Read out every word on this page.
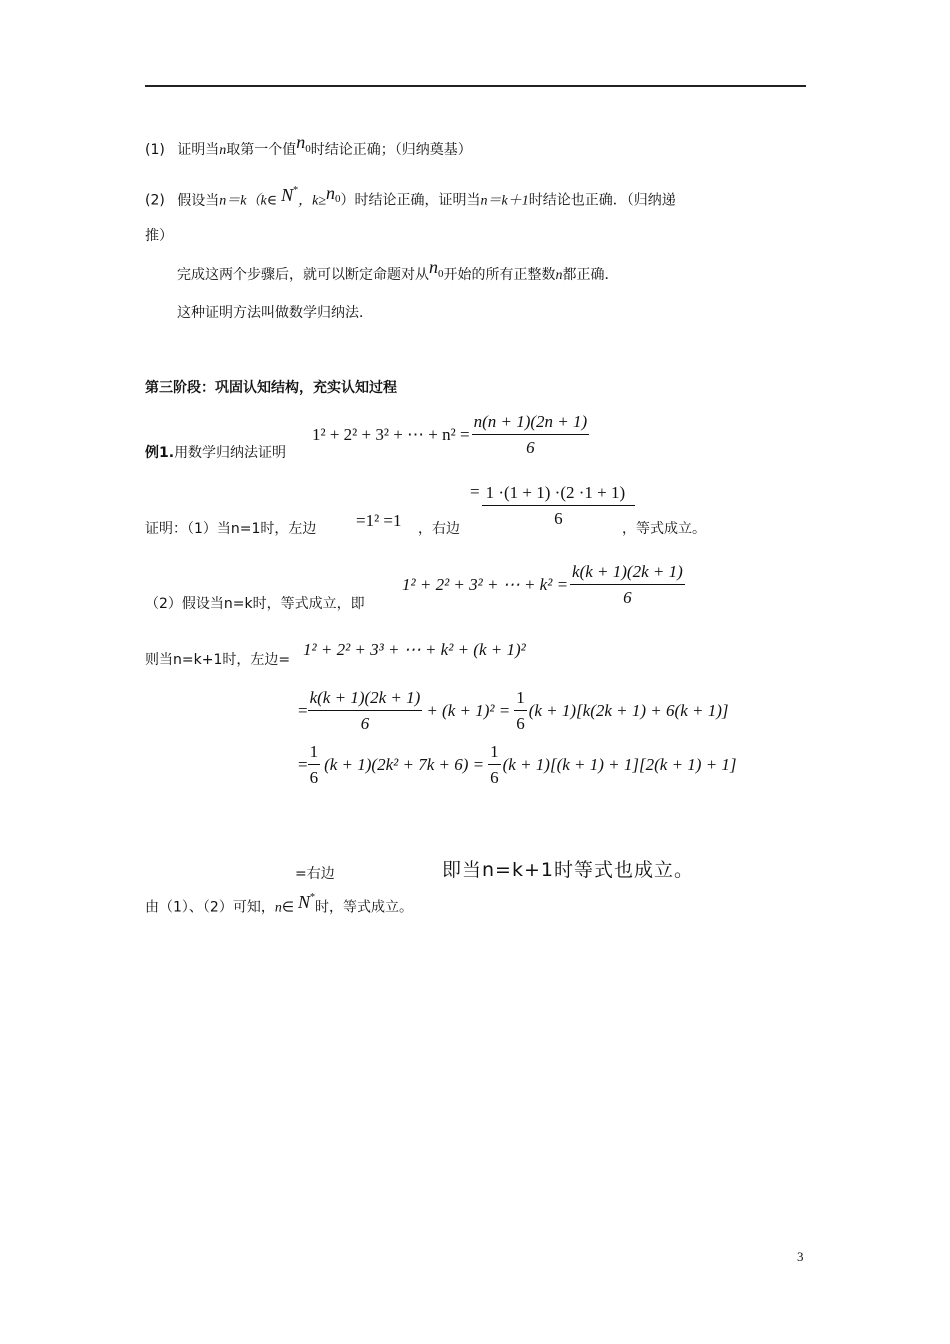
(1) 证明当n取第一个值$n_0$时结论正确；（归纳奠基）
(2) 假设当n＝k（k∈ N*，$k\ge n_0$）时结论正确，证明当n＝k＋1时结论也正确．（归纳递
推）
完成这两个步骤后，就可以断定命题对从$n_0$开始的所有正整数n都正确．
这种证明方法叫做数学归纳法．
第三阶段：巩固认知结构，充实认知过程
例1.用数学归纳法证明
1² + 2² + 3² + ⋯ + $n^2 = \frac{n(n + 1)(2n + 1)}{6}$
证明：（1）当n=1时，左边 =1² =1 ，右边
= $\frac{1 \cdot(1 + 1) \cdot(2 \cdot 1 + 1)}{6}$
，等式成立。
（2）假设当n=k时，等式成立，即
1² + 2² + 3² + ⋯ + $k^2 = \frac{k(k + 1)(2k + 1)}{6}$
则当n=k+1时，左边=
1² + 2² + 3³ + ⋯ + k² + (k + 1)²
= $\frac{k(k + 1)(2k + 1)}{6} + (k + 1)^2 = \frac{1}{6} (k + 1)[k(2k + 1) + 6(k + 1)]$
= $\frac{1}{6} (k + 1)(2k^2 + 7k + 6) = \frac{1}{6} (k + 1)[(k + 1) + 1][2(k + 1) + 1]$
=右边	即当n=k+1时等式也成立。
由（1）、（2）可知，n∈ N*时，等式成立。
3
